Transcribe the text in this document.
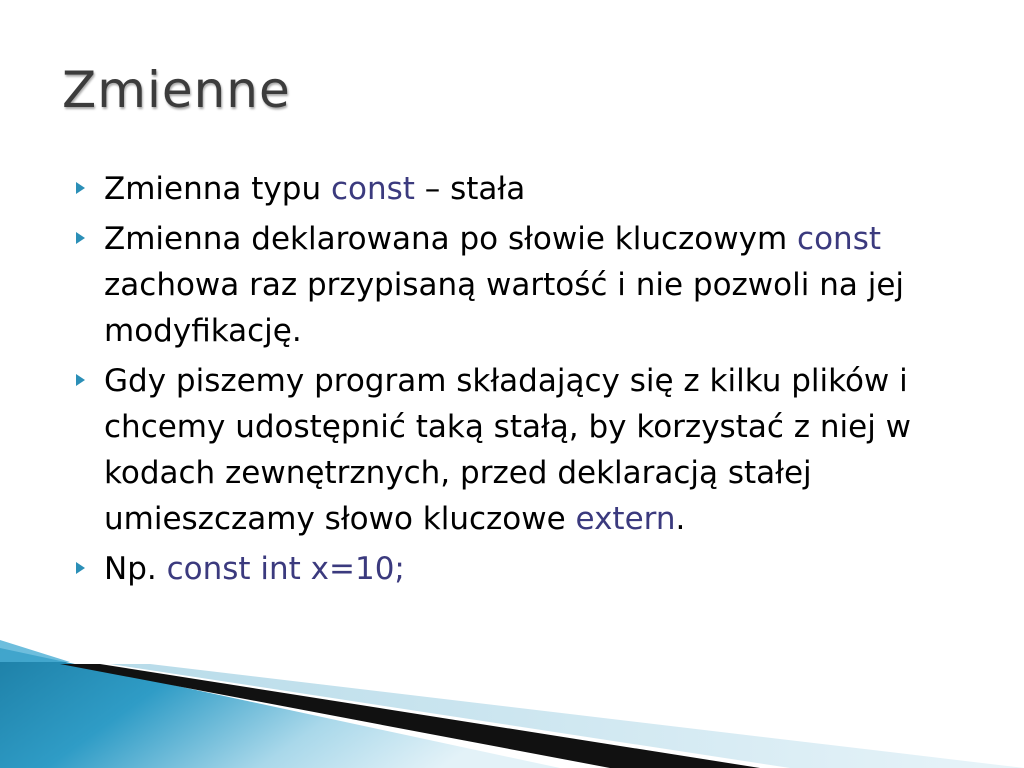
Zmienne
Zmienna typu const – stała
Zmienna deklarowana po słowie kluczowym const zachowa raz przypisaną wartość i nie pozwoli na jej modyfikację.
Gdy piszemy program składający się z kilku plików i chcemy udostępnić taką stałą, by korzystać z niej w kodach zewnętrznych, przed deklaracją stałej umieszczamy słowo kluczowe extern.
Np. const int x=10;
